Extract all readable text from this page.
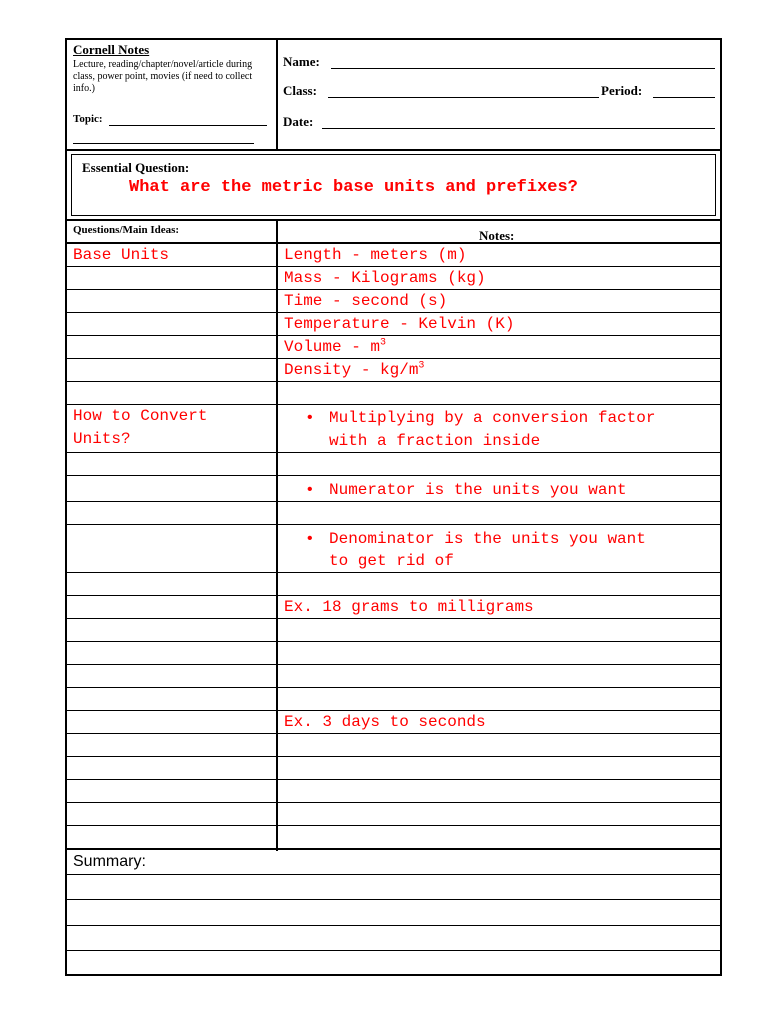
Cornell Notes
Lecture, reading/chapter/novel/article during class, power point, movies (if need to collect info.)
Topic:
Name:
Class:	Period:
Date:
Essential Question:
What are the metric base units and prefixes?
Questions/Main Ideas:	Notes:
Base Units
How to Convert
Units?
Length - meters (m)
Mass - Kilograms (kg)
Time - second (s)
Temperature - Kelvin (K)
Volume - $m^3$
Density - $kg/m^3$
• Multiplying by a conversion factor
with a fraction inside
• Numerator is the units you want
• Denominator is the units you want
to get rid of
Ex. 18 grams to milligrams
Ex. 3 days to seconds
Summary:
